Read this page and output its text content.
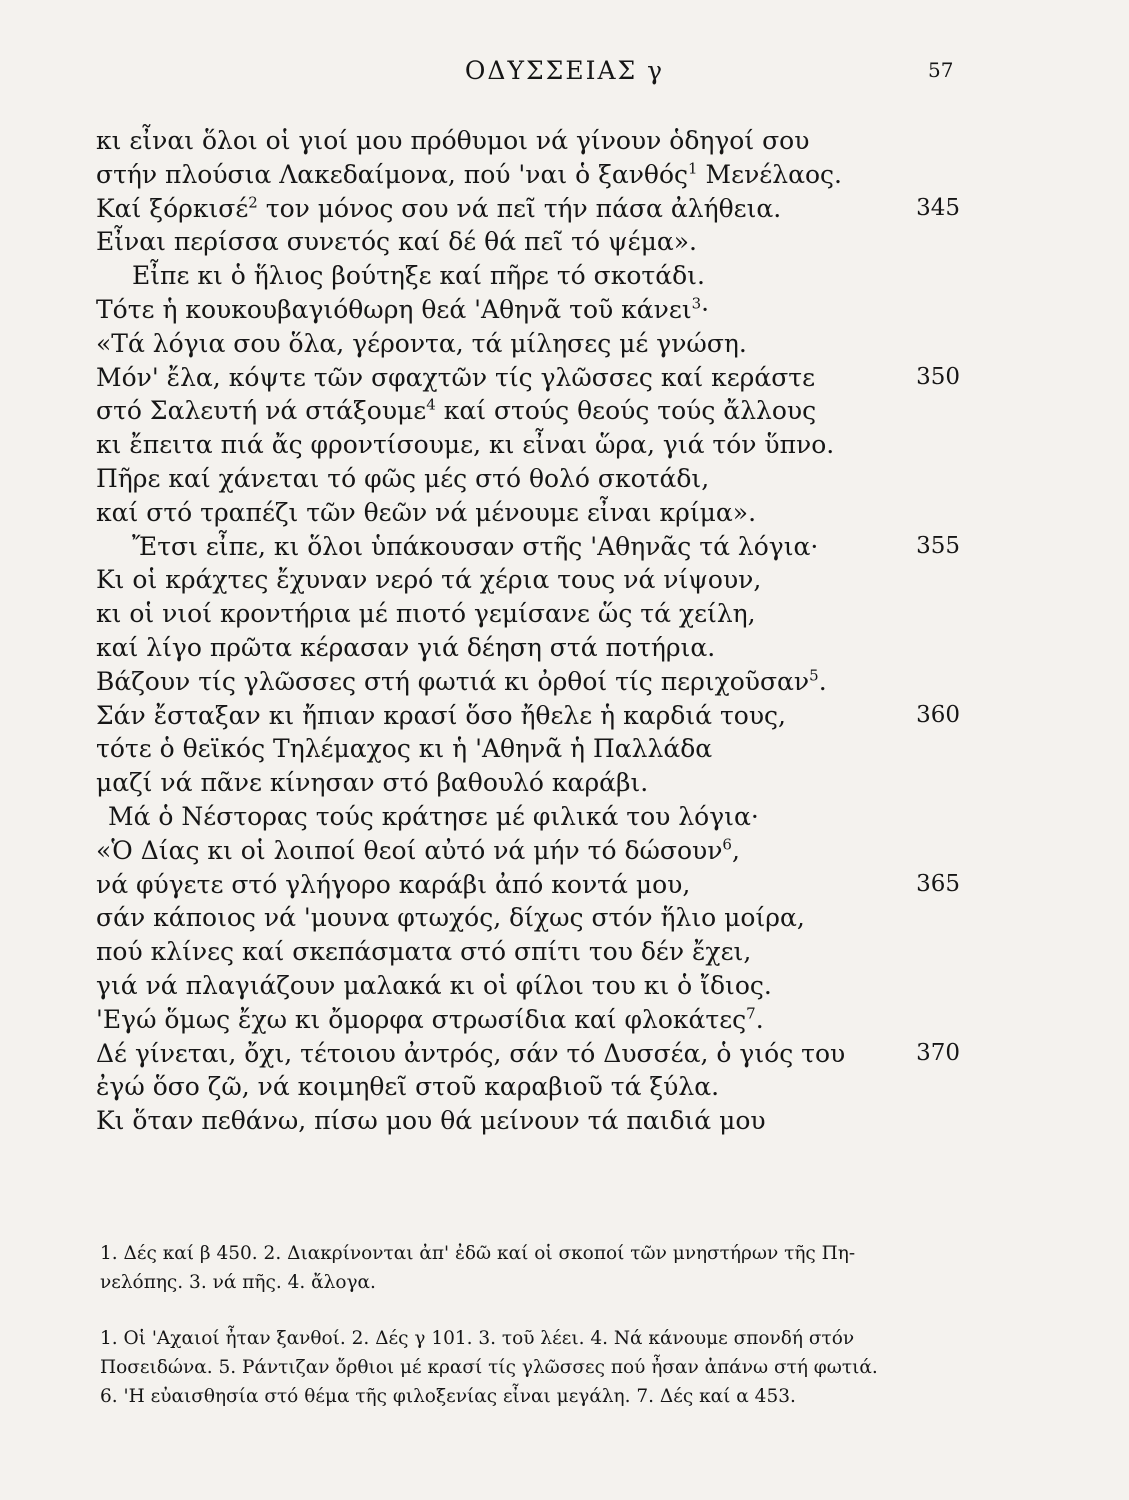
ΟΔΥΣΣΕΙΑΣ γ	57
κι εἶναι ὅλοι οἱ γιοί μου πρόθυμοι νά γίνουν ὁδηγοί σου
στήν πλούσια Λακεδαίμονα, πού 'ναι ὁ ξανθός$^1$ Μενέλαος.
Καί ξόρκισέ$^2$ τον μόνος σου νά πεῖ τήν πάσα ἀλήθεια.	345
Εἶναι περίσσα συνετός καί δέ θά πεῖ τό ψέμα».
Εἶπε κι ὁ ἥλιος βούτηξε καί πῆρε τό σκοτάδι.
Τότε ἡ κουκουβαγιόθωρη θεά 'Αθηνᾶ τοῦ κάνει$^3$·
«Τά λόγια σου ὅλα, γέροντα, τά μίλησες μέ γνώση.
Μόν' ἔλα, κόψτε τῶν σφαχτῶν τίς γλῶσσες καί κεράστε	350
στό Σαλευτή νά στάξουμε$^4$ καί στούς θεούς τούς ἄλλους
κι ἔπειτα πιά ἄς φροντίσουμε, κι εἶναι ὥρα, γιά τόν ὕπνο.
Πῆρε καί χάνεται τό φῶς μές στό θολό σκοτάδι,
καί στό τραπέζι τῶν θεῶν νά μένουμε εἶναι κρίμα».
Ἔτσι εἶπε, κι ὅλοι ὑπάκουσαν στῆς 'Αθηνᾶς τά λόγια·	355
Κι οἱ κράχτες ἔχυναν νερό τά χέρια τους νά νίψουν,
κι οἱ νιοί κροντήρια μέ πιοτό γεμίσανε ὥς τά χείλη,
καί λίγο πρῶτα κέρασαν γιά δέηση στά ποτήρια.
Βάζουν τίς γλῶσσες στή φωτιά κι ὀρθοί τίς περιχοῦσαν$^5$.
Σάν ἔσταξαν κι ἤπιαν κρασί ὅσο ἤθελε ἡ καρδιά τους,	360
τότε ὁ θεϊκός Τηλέμαχος κι ἡ 'Αθηνᾶ ἡ Παλλάδα
μαζί νά πᾶνε κίνησαν στό βαθουλό καράβι.
Μά ὁ Νέστορας τούς κράτησε μέ φιλικά του λόγια·
«Ὁ Δίας κι οἱ λοιποί θεοί αὐτό νά μήν τό δώσουν$^6$,
νά φύγετε στό γλήγορο καράβι ἀπό κοντά μου,	365
σάν κάποιος νά 'μουνα φτωχός, δίχως στόν ἥλιο μοίρα,
πού κλίνες καί σκεπάσματα στό σπίτι του δέν ἔχει,
γιά νά πλαγιάζουν μαλακά κι οἱ φίλοι του κι ὁ ἴδιος.
'Εγώ ὅμως ἔχω κι ὄμορφα στρωσίδια καί φλοκάτες$^7$.
Δέ γίνεται, ὄχι, τέτοιου ἀντρός, σάν τό Δυσσέα, ὁ γιός του	370
ἐγώ ὅσο ζῶ, νά κοιμηθεῖ στοῦ καραβιοῦ τά ξύλα.
Κι ὅταν πεθάνω, πίσω μου θά μείνουν τά παιδιά μου
1. Δές καί β 450. 2. Διακρίνονται ἀπ' ἐδῶ καί οἱ σκοποί τῶν μνηστήρων τῆς Πη-
νελόπης. 3. νά πῆς. 4. ἄλογα.
1. Οἱ 'Αχαιοί ἦταν ξανθοί. 2. Δές γ 101. 3. τοῦ λέει. 4. Νά κάνουμε σπονδή στόν
Ποσειδώνα. 5. Ράντιζαν ὄρθιοι μέ κρασί τίς γλῶσσες πού ἦσαν ἀπάνω στή φωτιά.
6. 'Η εὐαισθησία στό θέμα τῆς φιλοξενίας εἶναι μεγάλη. 7. Δές καί α 453.
